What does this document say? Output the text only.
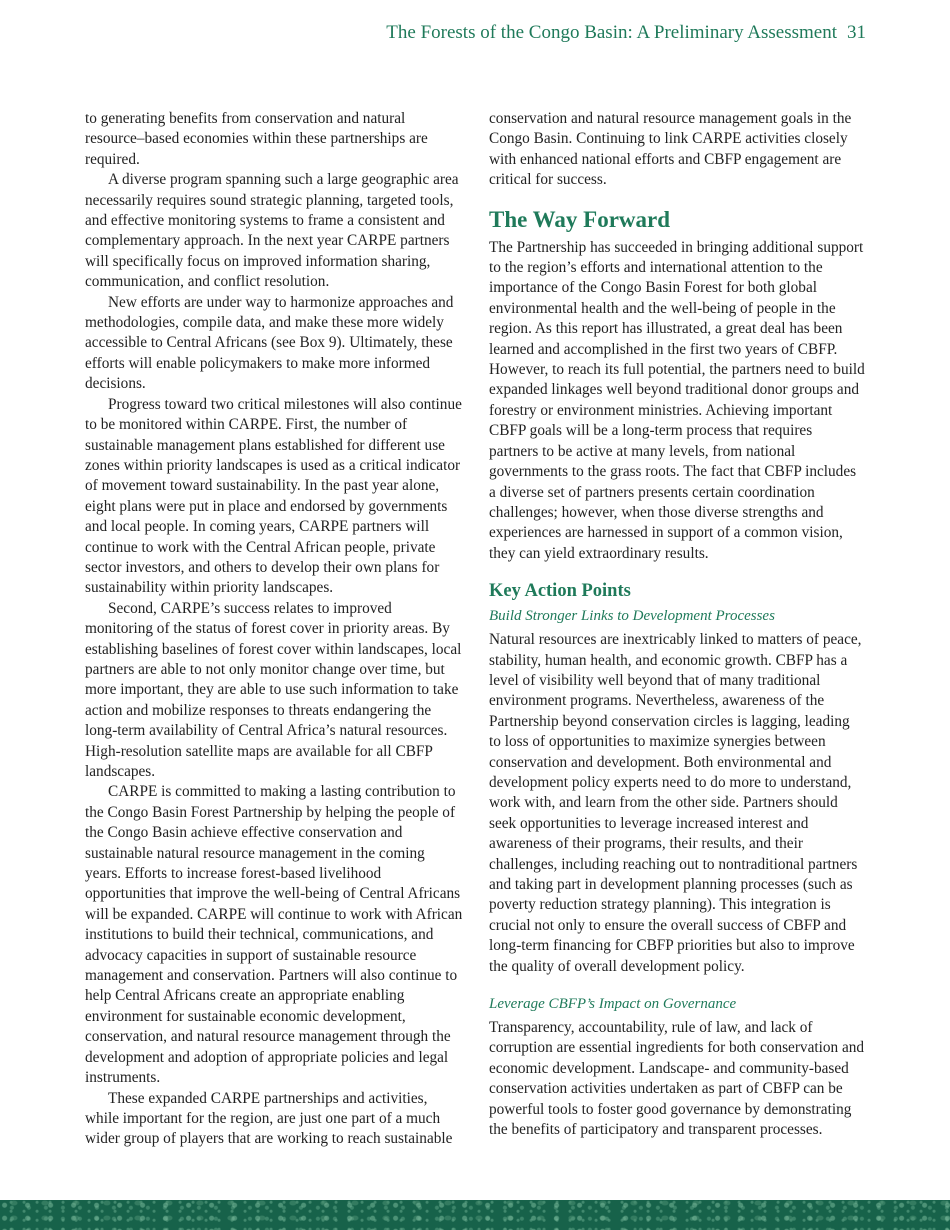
The Forests of the Congo Basin: A Preliminary Assessment 31

to generating benefits from conservation and natural resource–based economies within these partnerships are required.

A diverse program spanning such a large geographic area necessarily requires sound strategic planning, targeted tools, and effective monitoring systems to frame a consistent and complementary approach. In the next year CARPE partners will specifically focus on improved information sharing, communication, and conflict resolution.

New efforts are under way to harmonize approaches and methodologies, compile data, and make these more widely accessible to Central Africans (see Box 9). Ultimately, these efforts will enable policymakers to make more informed decisions.

Progress toward two critical milestones will also continue to be monitored within CARPE. First, the number of sustainable management plans established for different use zones within priority landscapes is used as a critical indicator of movement toward sustainability. In the past year alone, eight plans were put in place and endorsed by governments and local people. In coming years, CARPE partners will continue to work with the Central African people, private sector investors, and others to develop their own plans for sustainability within priority landscapes.

Second, CARPE’s success relates to improved monitoring of the status of forest cover in priority areas. By establishing baselines of forest cover within landscapes, local partners are able to not only monitor change over time, but more important, they are able to use such information to take action and mobilize responses to threats endangering the long-term availability of Central Africa’s natural resources. High-resolution satellite maps are available for all CBFP landscapes.

CARPE is committed to making a lasting contribution to the Congo Basin Forest Partnership by helping the people of the Congo Basin achieve effective conservation and sustainable natural resource management in the coming years. Efforts to increase forest-based livelihood opportunities that improve the well-being of Central Africans will be expanded. CARPE will continue to work with African institutions to build their technical, communications, and advocacy capacities in support of sustainable resource management and conservation. Partners will also continue to help Central Africans create an appropriate enabling environment for sustainable economic development, conservation, and natural resource management through the development and adoption of appropriate policies and legal instruments.

These expanded CARPE partnerships and activities, while important for the region, are just one part of a much wider group of players that are working to reach sustainable

conservation and natural resource management goals in the Congo Basin. Continuing to link CARPE activities closely with enhanced national efforts and CBFP engagement are critical for success.

The Way Forward

The Partnership has succeeded in bringing additional support to the region’s efforts and international attention to the importance of the Congo Basin Forest for both global environmental health and the well-being of people in the region. As this report has illustrated, a great deal has been learned and accomplished in the first two years of CBFP. However, to reach its full potential, the partners need to build expanded linkages well beyond traditional donor groups and forestry or environment ministries. Achieving important CBFP goals will be a long-term process that requires partners to be active at many levels, from national governments to the grass roots. The fact that CBFP includes a diverse set of partners presents certain coordination challenges; however, when those diverse strengths and experiences are harnessed in support of a common vision, they can yield extraordinary results.

Key Action Points
Build Stronger Links to Development Processes

Natural resources are inextricably linked to matters of peace, stability, human health, and economic growth. CBFP has a level of visibility well beyond that of many traditional environment programs. Nevertheless, awareness of the Partnership beyond conservation circles is lagging, leading to loss of opportunities to maximize synergies between conservation and development. Both environmental and development policy experts need to do more to understand, work with, and learn from the other side. Partners should seek opportunities to leverage increased interest and awareness of their programs, their results, and their challenges, including reaching out to nontraditional partners and taking part in development planning processes (such as poverty reduction strategy planning). This integration is crucial not only to ensure the overall success of CBFP and long-term financing for CBFP priorities but also to improve the quality of overall development policy.

Leverage CBFP’s Impact on Governance

Transparency, accountability, rule of law, and lack of corruption are essential ingredients for both conservation and economic development. Landscape- and community-based conservation activities undertaken as part of CBFP can be powerful tools to foster good governance by demonstrating the benefits of participatory and transparent processes.
